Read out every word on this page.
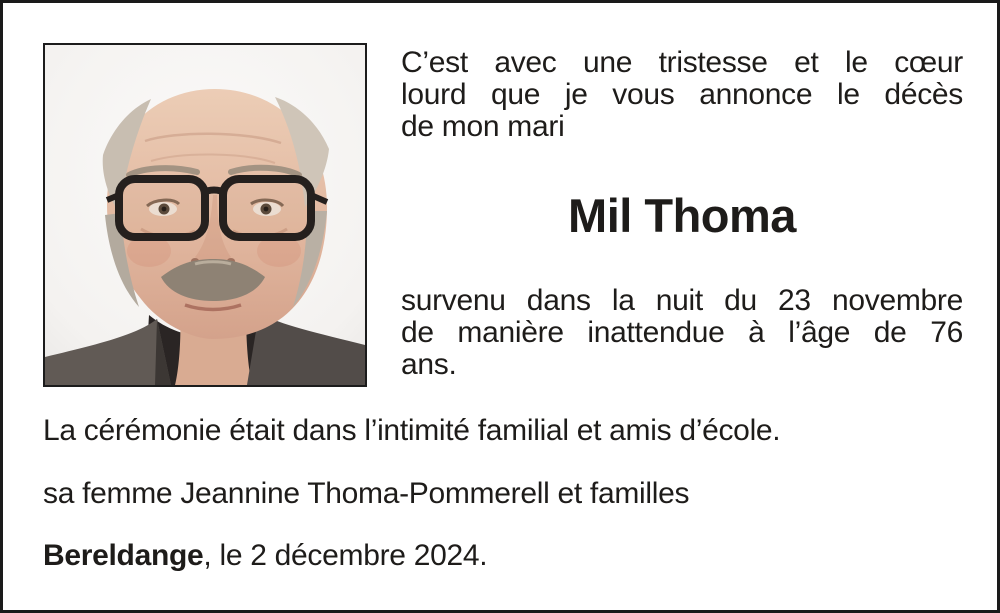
C’est avec une tristesse et le cœur
lourd que je vous annonce le décès
de mon mari
Mil Thoma
survenu dans la nuit du 23 novembre
de manière inattendue à l’âge de 76
ans.
La cérémonie était dans l’intimité familial et amis d’école.
sa femme Jeannine Thoma-Pommerell et familles
Bereldange, le 2 décembre 2024.
